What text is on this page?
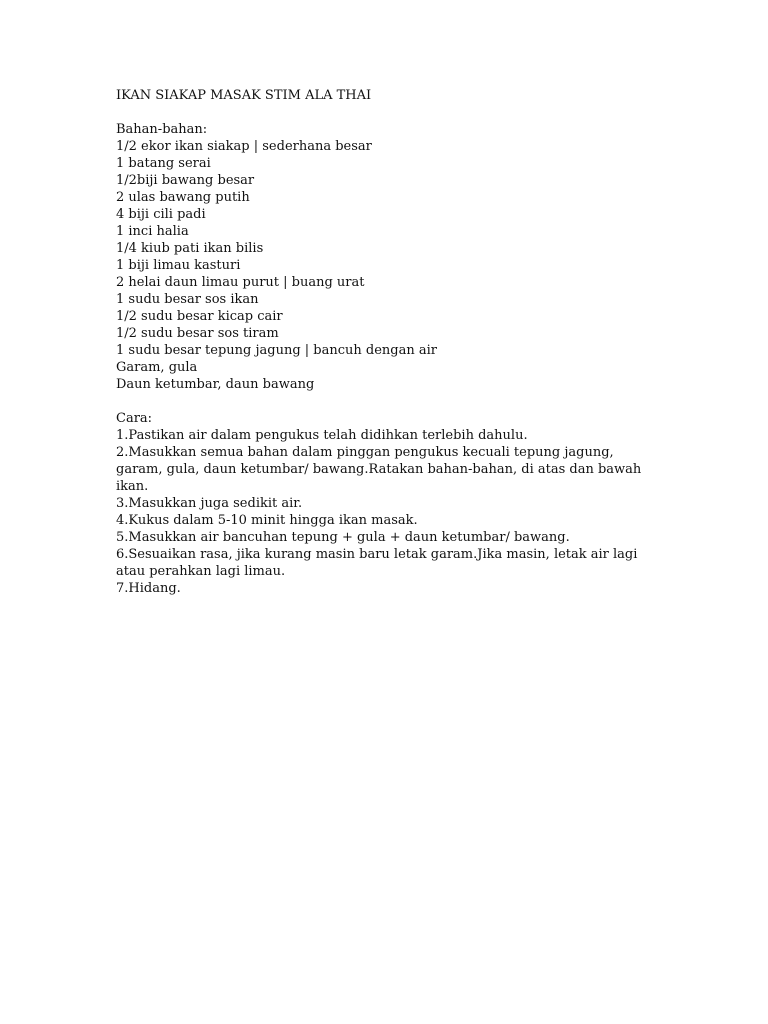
IKAN SIAKAP MASAK STIM ALA THAI
Bahan-bahan:
1/2 ekor ikan siakap | sederhana besar
1 batang serai
1/2biji bawang besar
2 ulas bawang putih
4 biji cili padi
1 inci halia
1/4 kiub pati ikan bilis
1 biji limau kasturi
2 helai daun limau purut | buang urat
1 sudu besar sos ikan
1/2 sudu besar kicap cair
1/2 sudu besar sos tiram
1 sudu besar tepung jagung | bancuh dengan air
Garam, gula
Daun ketumbar, daun bawang
Cara:
1.Pastikan air dalam pengukus telah didihkan terlebih dahulu.
2.Masukkan semua bahan dalam pinggan pengukus kecuali tepung jagung,
garam, gula, daun ketumbar/ bawang.Ratakan bahan-bahan, di atas dan bawah
ikan.
3.Masukkan juga sedikit air.
4.Kukus dalam 5-10 minit hingga ikan masak.
5.Masukkan air bancuhan tepung + gula + daun ketumbar/ bawang.
6.Sesuaikan rasa, jika kurang masin baru letak garam.Jika masin, letak air lagi
atau perahkan lagi limau.
7.Hidang.
